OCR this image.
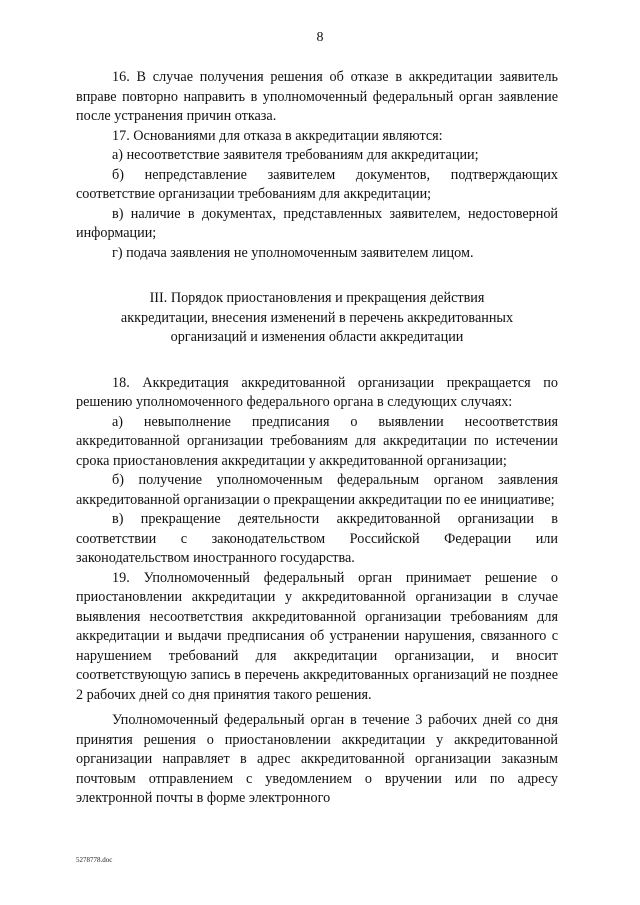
8

16. В случае получения решения об отказе в аккредитации заявитель вправе повторно направить в уполномоченный федеральный орган заявление после устранения причин отказа.

17. Основаниями для отказа в аккредитации являются:

а) несоответствие заявителя требованиям для аккредитации;

б) непредставление заявителем документов, подтверждающих соответствие организации требованиям для аккредитации;

в) наличие в документах, представленных заявителем, недостоверной информации;

г) подача заявления не уполномоченным заявителем лицом.

III. Порядок приостановления и прекращения действия
аккредитации, внесения изменений в перечень аккредитованных
организаций и изменения области аккредитации

18. Аккредитация аккредитованной организации прекращается по решению уполномоченного федерального органа в следующих случаях:

а) невыполнение предписания о выявлении несоответствия аккредитованной организации требованиям для аккредитации по истечении срока приостановления аккредитации у аккредитованной организации;

б) получение уполномоченным федеральным органом заявления аккредитованной организации о прекращении аккредитации по ее инициативе;

в) прекращение деятельности аккредитованной организации в соответствии с законодательством Российской Федерации или законодательством иностранного государства.

19. Уполномоченный федеральный орган принимает решение о приостановлении аккредитации у аккредитованной организации в случае выявления несоответствия аккредитованной организации требованиям для аккредитации и выдачи предписания об устранении нарушения, связанного с нарушением требований для аккредитации организации, и вносит соответствующую запись в перечень аккредитованных организаций не позднее 2 рабочих дней со дня принятия такого решения.

Уполномоченный федеральный орган в течение 3 рабочих дней со дня принятия решения о приостановлении аккредитации у аккредитованной организации направляет в адрес аккредитованной организации заказным почтовым отправлением с уведомлением о вручении или по адресу электронной почты в форме электронного

5278778.doc
